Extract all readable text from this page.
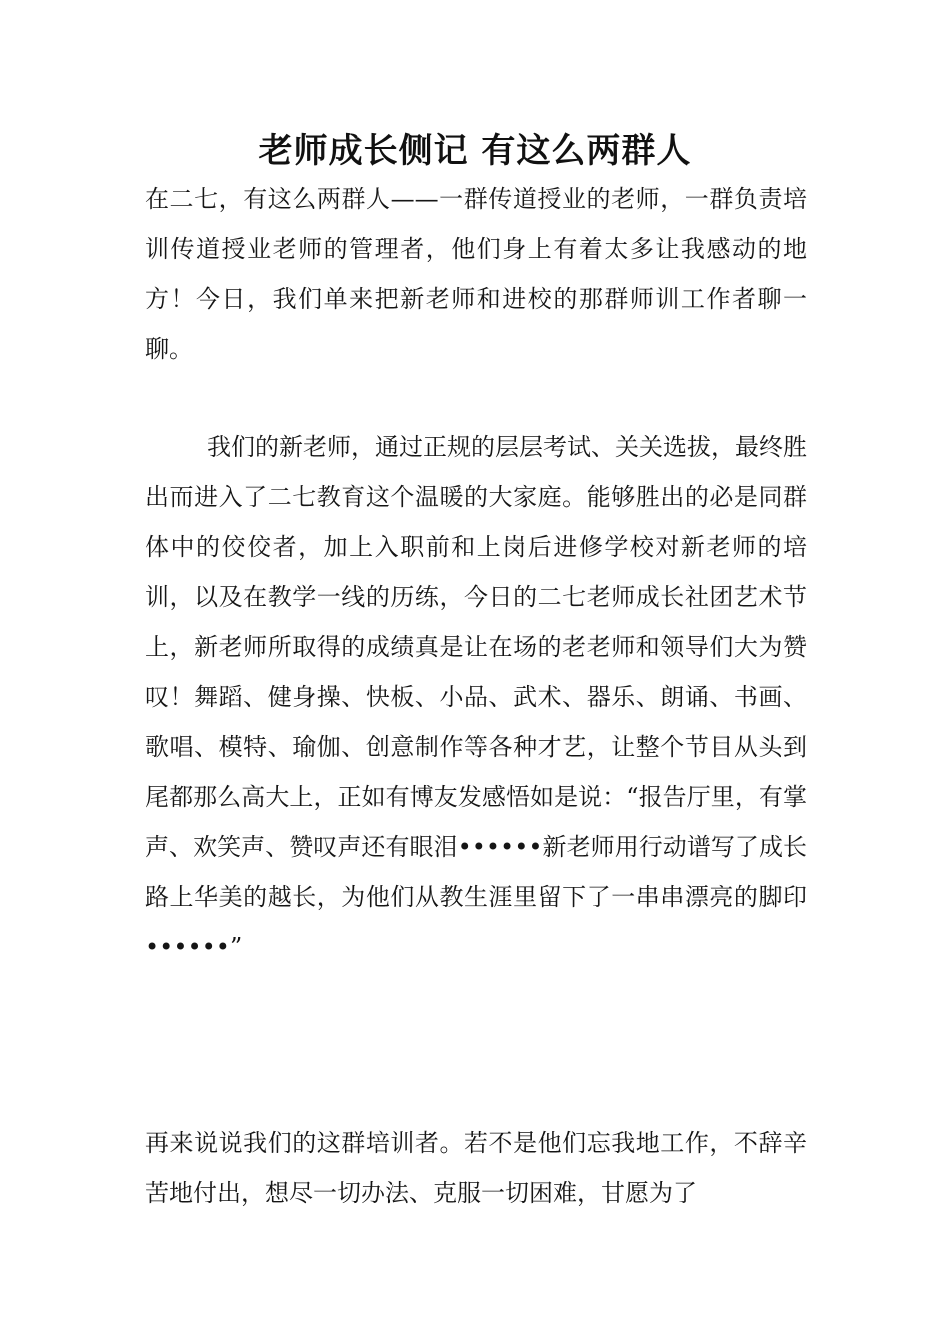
老师成长侧记 有这么两群人

在二七，有这么两群人——一群传道授业的老师，一群负责培训传道授业老师的管理者，他们身上有着太多让我感动的地方！今日，我们单来把新老师和进校的那群师训工作者聊一聊。

我们的新老师，通过正规的层层考试、关关选拔，最终胜出而进入了二七教育这个温暖的大家庭。能够胜出的必是同群体中的佼佼者，加上入职前和上岗后进修学校对新老师的培训，以及在教学一线的历练，今日的二七老师成长社团艺术节上，新老师所取得的成绩真是让在场的老老师和领导们大为赞叹！舞蹈、健身操、快板、小品、武术、器乐、朗诵、书画、歌唱、模特、瑜伽、创意制作等各种才艺，让整个节目从头到尾都那么高大上，正如有博友发感悟如是说：“报告厅里，有掌声、欢笑声、赞叹声还有眼泪••••••新老师用行动谱写了成长路上华美的越长，为他们从教生涯里留下了一串串漂亮的脚印••••••”

再来说说我们的这群培训者。若不是他们忘我地工作，不辞辛苦地付出，想尽一切办法、克服一切困难，甘愿为了
